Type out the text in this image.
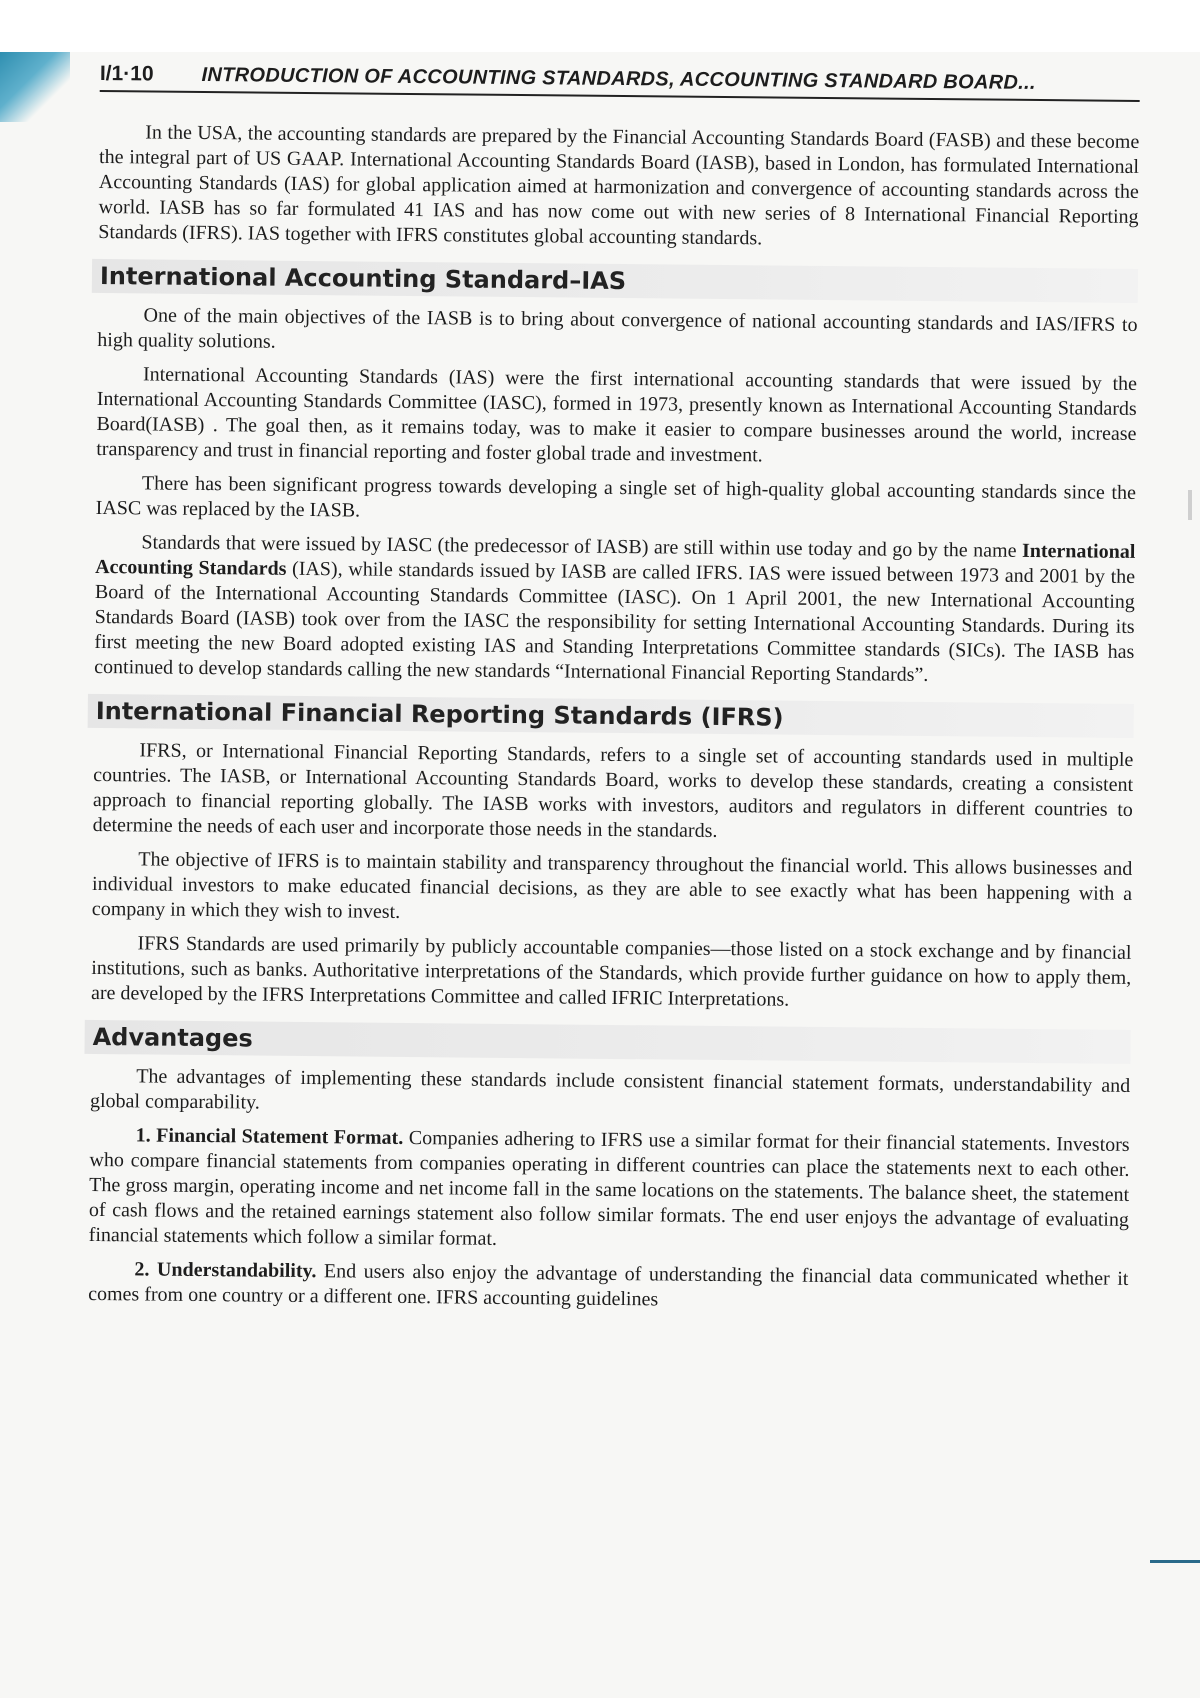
I/1·10 INTRODUCTION OF ACCOUNTING STANDARDS, ACCOUNTING STANDARD BOARD...

In the USA, the accounting standards are prepared by the Financial Accounting Standards Board (FASB) and these become the integral part of US GAAP. International Accounting Standards Board (IASB), based in London, has formulated International Accounting Standards (IAS) for global application aimed at harmonization and convergence of accounting standards across the world. IASB has so far formulated 41 IAS and has now come out with new series of 8 International Financial Reporting Standards (IFRS). IAS together with IFRS constitutes global accounting standards.

International Accounting Standard–IAS

One of the main objectives of the IASB is to bring about convergence of national accounting standards and IAS/IFRS to high quality solutions.

International Accounting Standards (IAS) were the first international accounting standards that were issued by the International Accounting Standards Committee (IASC), formed in 1973, presently known as International Accounting Standards Board(IASB) . The goal then, as it remains today, was to make it easier to compare businesses around the world, increase transparency and trust in financial reporting and foster global trade and investment.

There has been significant progress towards developing a single set of high-quality global accounting standards since the IASC was replaced by the IASB.

Standards that were issued by IASC (the predecessor of IASB) are still within use today and go by the name International Accounting Standards (IAS), while standards issued by IASB are called IFRS. IAS were issued between 1973 and 2001 by the Board of the International Accounting Standards Committee (IASC). On 1 April 2001, the new International Accounting Standards Board (IASB) took over from the IASC the responsibility for setting International Accounting Standards. During its first meeting the new Board adopted existing IAS and Standing Interpretations Committee standards (SICs). The IASB has continued to develop standards calling the new standards “International Financial Reporting Standards”.

International Financial Reporting Standards (IFRS)

IFRS, or International Financial Reporting Standards, refers to a single set of accounting standards used in multiple countries. The IASB, or International Accounting Standards Board, works to develop these standards, creating a consistent approach to financial reporting globally. The IASB works with investors, auditors and regulators in different countries to determine the needs of each user and incorporate those needs in the standards.

The objective of IFRS is to maintain stability and transparency throughout the financial world. This allows businesses and individual investors to make educated financial decisions, as they are able to see exactly what has been happening with a company in which they wish to invest.

IFRS Standards are used primarily by publicly accountable companies—those listed on a stock exchange and by financial institutions, such as banks. Authoritative interpretations of the Standards, which provide further guidance on how to apply them, are developed by the IFRS Interpretations Committee and called IFRIC Interpretations.

Advantages

The advantages of implementing these standards include consistent financial statement formats, understandability and global comparability.

1. Financial Statement Format. Companies adhering to IFRS use a similar format for their financial statements. Investors who compare financial statements from companies operating in different countries can place the statements next to each other. The gross margin, operating income and net income fall in the same locations on the statements. The balance sheet, the statement of cash flows and the retained earnings statement also follow similar formats. The end user enjoys the advantage of evaluating financial statements which follow a similar format.

2. Understandability. End users also enjoy the advantage of understanding the financial data communicated whether it comes from one country or a different one. IFRS accounting guidelines
